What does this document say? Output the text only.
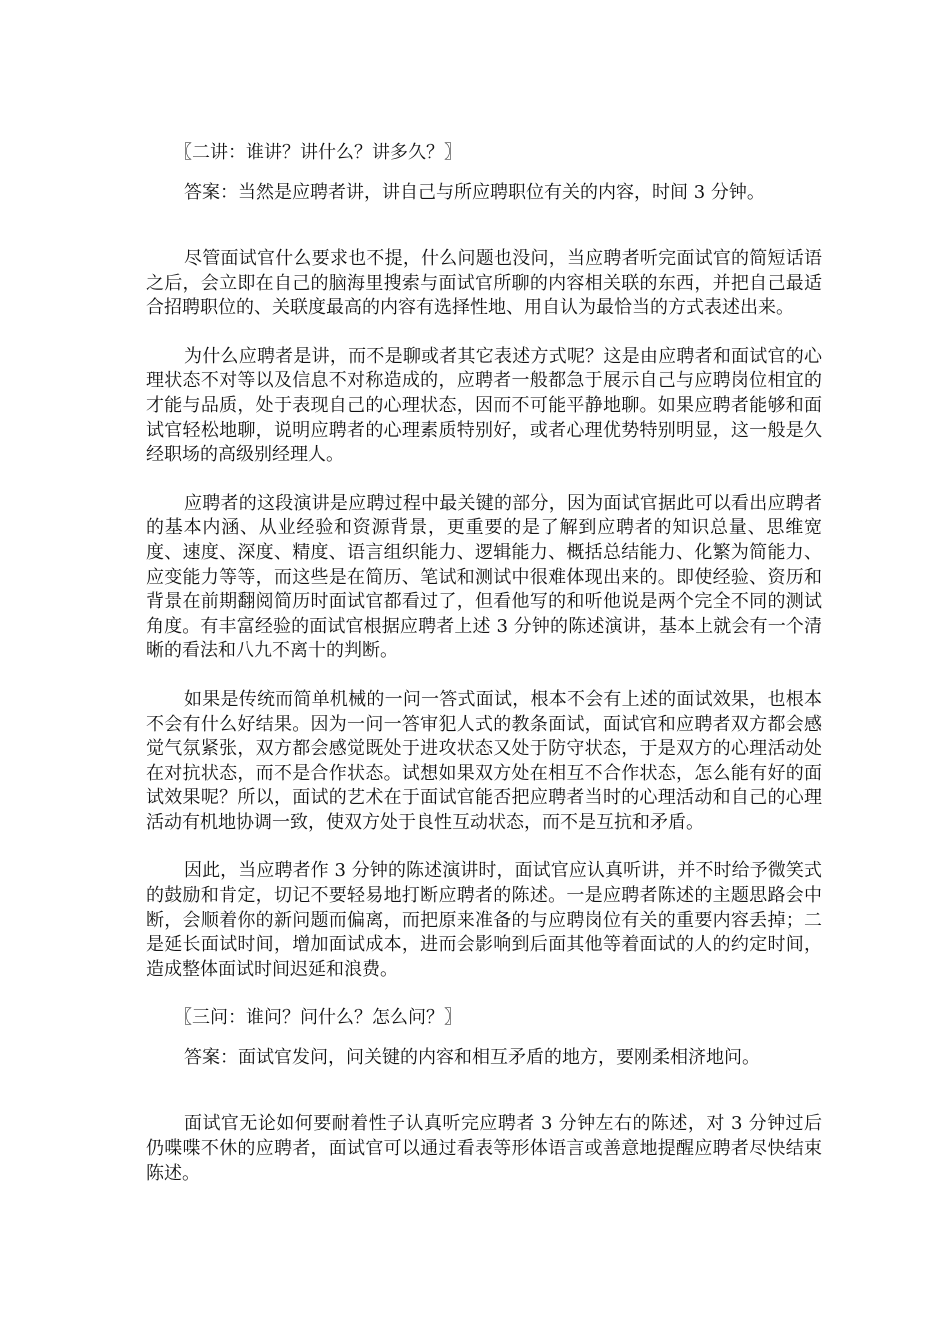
〖二讲：谁讲？讲什么？讲多久？〗

答案：当然是应聘者讲，讲自己与所应聘职位有关的内容，时间 3 分钟。

尽管面试官什么要求也不提，什么问题也没问，当应聘者听完面试官的简短话语之后，会立即在自己的脑海里搜索与面试官所聊的内容相关联的东西，并把自己最适合招聘职位的、关联度最高的内容有选择性地、用自认为最恰当的方式表述出来。

为什么应聘者是讲，而不是聊或者其它表述方式呢？这是由应聘者和面试官的心理状态不对等以及信息不对称造成的，应聘者一般都急于展示自己与应聘岗位相宜的才能与品质，处于表现自己的心理状态，因而不可能平静地聊。如果应聘者能够和面试官轻松地聊，说明应聘者的心理素质特别好，或者心理优势特别明显，这一般是久经职场的高级别经理人。

应聘者的这段演讲是应聘过程中最关键的部分，因为面试官据此可以看出应聘者的基本内涵、从业经验和资源背景，更重要的是了解到应聘者的知识总量、思维宽度、速度、深度、精度、语言组织能力、逻辑能力、概括总结能力、化繁为简能力、应变能力等等，而这些是在简历、笔试和测试中很难体现出来的。即使经验、资历和背景在前期翻阅简历时面试官都看过了，但看他写的和听他说是两个完全不同的测试角度。有丰富经验的面试官根据应聘者上述 3 分钟的陈述演讲，基本上就会有一个清晰的看法和八九不离十的判断。

如果是传统而简单机械的一问一答式面试，根本不会有上述的面试效果，也根本不会有什么好结果。因为一问一答审犯人式的教条面试，面试官和应聘者双方都会感觉气氛紧张，双方都会感觉既处于进攻状态又处于防守状态，于是双方的心理活动处在对抗状态，而不是合作状态。试想如果双方处在相互不合作状态，怎么能有好的面试效果呢？所以，面试的艺术在于面试官能否把应聘者当时的心理活动和自己的心理活动有机地协调一致，使双方处于良性互动状态，而不是互抗和矛盾。

因此，当应聘者作 3 分钟的陈述演讲时，面试官应认真听讲，并不时给予微笑式的鼓励和肯定，切记不要轻易地打断应聘者的陈述。一是应聘者陈述的主题思路会中断，会顺着你的新问题而偏离，而把原来准备的与应聘岗位有关的重要内容丢掉；二是延长面试时间，增加面试成本，进而会影响到后面其他等着面试的人的约定时间，造成整体面试时间迟延和浪费。

〖三问：谁问？问什么？怎么问？〗

答案：面试官发问，问关键的内容和相互矛盾的地方，要刚柔相济地问。

面试官无论如何要耐着性子认真听完应聘者 3 分钟左右的陈述，对 3 分钟过后仍喋喋不休的应聘者，面试官可以通过看表等形体语言或善意地提醒应聘者尽快结束陈述。
